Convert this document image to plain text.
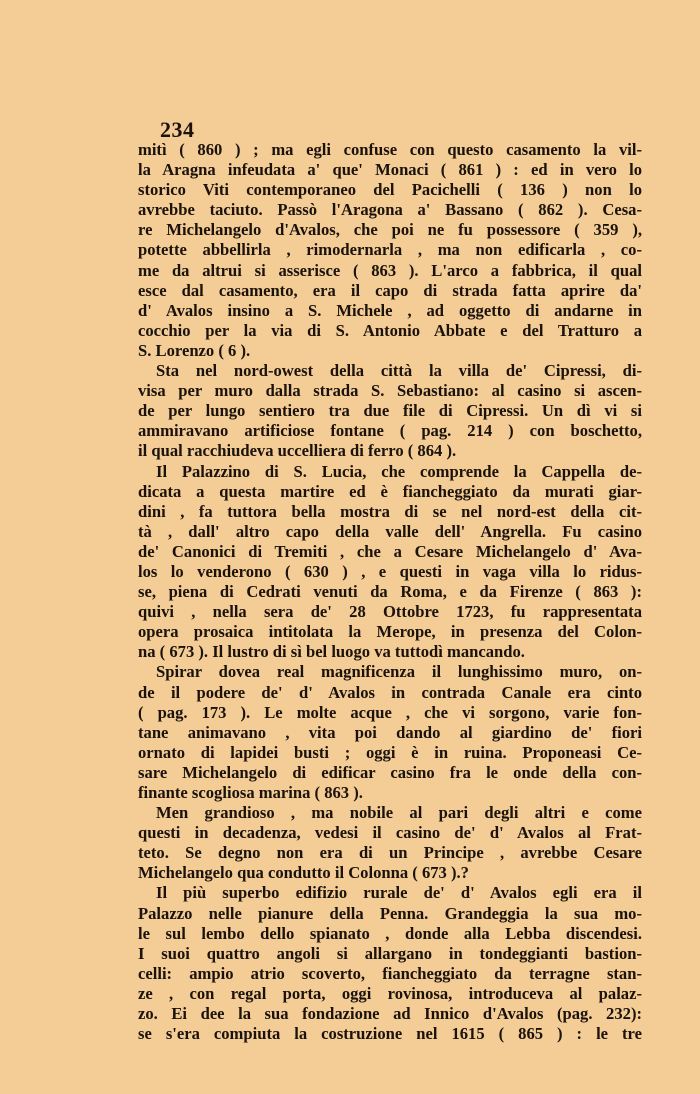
234
mitì ( 860 ) ; ma egli confuse con questo casamento la vil-
la Aragna infeudata a' que' Monaci ( 861 ) : ed in vero lo
storico Viti contemporaneo del Pacichelli ( 136 ) non lo
avrebbe taciuto. Passò l'Aragona a' Bassano ( 862 ). Cesa-
re Michelangelo d'Avalos, che poi ne fu possessore ( 359 ),
potette abbellirla , rimodernarla , ma non edificarla , co-
me da altrui si asserisce ( 863 ). L'arco a fabbrica, il qual
esce dal casamento, era il capo di strada fatta aprire da'
d' Avalos insino a S. Michele , ad oggetto di andarne in
cocchio per la via di S. Antonio Abbate e del Tratturo a
S. Lorenzo ( 6 ).
Sta nel nord-owest della città la villa de' Cipressi, di-
visa per muro dalla strada S. Sebastiano: al casino si ascen-
de per lungo sentiero tra due file di Cipressi. Un dì vi si
ammiravano artificiose fontane ( pag. 214 ) con boschetto,
il qual racchiudeva uccelliera di ferro ( 864 ).
Il Palazzino di S. Lucia, che comprende la Cappella de-
dicata a questa martire ed è fiancheggiato da murati giar-
dini , fa tuttora bella mostra di se nel nord-est della cit-
tà , dall' altro capo della valle dell' Angrella. Fu casino
de' Canonici di Tremiti , che a Cesare Michelangelo d' Ava-
los lo venderono ( 630 ) , e questi in vaga villa lo ridus-
se, piena di Cedrati venuti da Roma, e da Firenze ( 863 ):
quivi , nella sera de' 28 Ottobre 1723, fu rappresentata
opera prosaica intitolata la Merope, in presenza del Colon-
na ( 673 ). Il lustro di sì bel luogo va tuttodì mancando.
Spirar dovea real magnificenza il lunghissimo muro, on-
de il podere de' d' Avalos in contrada Canale era cinto
( pag. 173 ). Le molte acque , che vi sorgono, varie fon-
tane animavano , vita poi dando al giardino de' fiori
ornato di lapidei busti ; oggi è in ruina. Proponeasi Ce-
sare Michelangelo di edificar casino fra le onde della con-
finante scogliosa marina ( 863 ).
Men grandioso , ma nobile al pari degli altri e come
questi in decadenza, vedesi il casino de' d' Avalos al Frat-
teto. Se degno non era di un Principe , avrebbe Cesare
Michelangelo qua condutto il Colonna ( 673 ).?
Il più superbo edifizio rurale de' d' Avalos egli era il
Palazzo nelle pianure della Penna. Grandeggia la sua mo-
le sul lembo dello spianato , donde alla Lebba discendesi.
I suoi quattro angoli si allargano in tondeggianti bastion-
celli: ampio atrio scoverto, fiancheggiato da terragne stan-
ze , con regal porta, oggi rovinosa, introduceva al palaz-
zo. Ei dee la sua fondazione ad Innico d'Avalos (pag. 232):
se s'era compiuta la costruzione nel 1615 ( 865 ) : le tre
